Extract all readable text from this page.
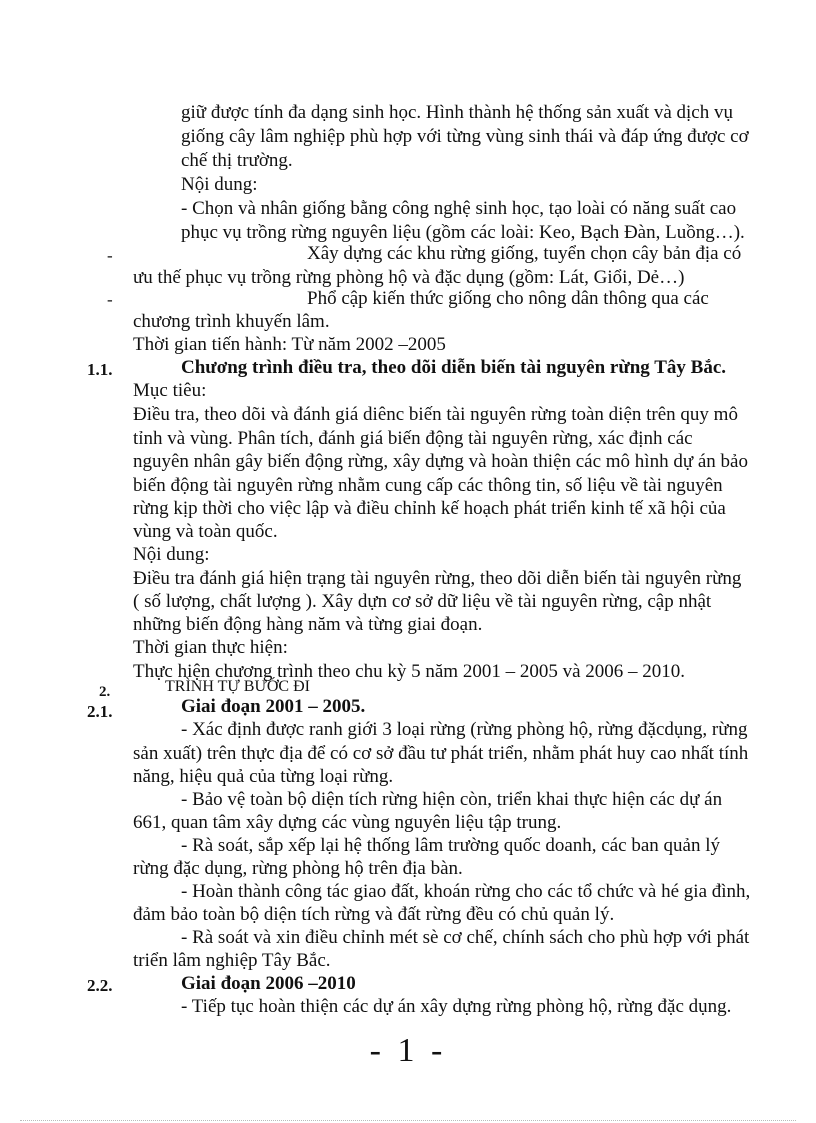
giữ được tính đa dạng sinh học. Hình thành hệ thống sản xuất và dịch vụ
giống cây lâm nghiệp phù hợp với từng vùng sinh thái và đáp ứng được cơ
chế thị trường.
Nội dung:
- Chọn và nhân giống bằng công nghệ sinh học, tạo loài có năng suất cao
phục vụ trồng rừng nguyên liệu (gồm các loài: Keo, Bạch Đàn, Luồng…).
-	Xây dựng các khu rừng giống, tuyển chọn cây bản địa có
ưu thế phục vụ trồng rừng phòng hộ và đặc dụng (gồm: Lát, Giổi, Dẻ…)
-	Phổ cập kiến thức giống cho nông dân thông qua các
chương trình khuyến lâm.
Thời gian tiến hành: Từ năm 2002 –2005
1.1.	Chương trình điều tra, theo dõi diễn biến tài nguyên rừng Tây Bắc.
Mục tiêu:
Điều tra, theo dõi và đánh giá diênc biến tài nguyên rừng toàn diện trên quy mô
tỉnh và vùng. Phân tích, đánh giá biến động tài nguyên rừng, xác định các
nguyên nhân gây biến động rừng, xây dựng và hoàn thiện các mô hình dự án bảo
biến động tài nguyên rừng nhằm cung cấp các thông tin, số liệu về tài nguyên
rừng kịp thời cho việc lập và điều chỉnh kế hoạch phát triển kinh tế xã hội của
vùng và toàn quốc.
Nội dung:
Điều tra đánh giá hiện trạng tài nguyên rừng, theo dõi diễn biến tài nguyên rừng
( số lượng, chất lượng ). Xây dựn cơ sở dữ liệu về tài nguyên rừng, cập nhật
những biến động hàng năm và từng giai đoạn.
Thời gian thực hiện:
Thực hiện chương trình theo chu kỳ 5 năm 2001 – 2005 và 2006 – 2010.
2.	TRÌNH TỰ BƯỚC ĐI
2.1.	Giai đoạn 2001 – 2005.
- Xác định được ranh giới 3 loại rừng (rừng phòng hộ, rừng đặcdụng, rừng
sản xuất) trên thực địa để có cơ sở đầu tư phát triển, nhằm phát huy cao nhất tính
năng, hiệu quả của từng loại rừng.
- Bảo vệ toàn bộ diện tích rừng hiện còn, triển khai thực hiện các dự án
661, quan tâm xây dựng các vùng nguyên liệu tập trung.
- Rà soát, sắp xếp lại hệ thống lâm trường quốc doanh, các ban quản lý
rừng đặc dụng, rừng phòng hộ trên địa bàn.
- Hoàn thành công tác giao đất, khoán rừng cho các tổ chức và hé gia đình,
đảm bảo toàn bộ diện tích rừng và đất rừng đều có chủ quản lý.
- Rà soát và xin điều chỉnh mét sè cơ chế, chính sách cho phù hợp với phát
triển lâm nghiệp Tây Bắc.
2.2.	Giai đoạn 2006 –2010
- Tiếp tục hoàn thiện các dự án xây dựng rừng phòng hộ, rừng đặc dụng.
- 1 -
